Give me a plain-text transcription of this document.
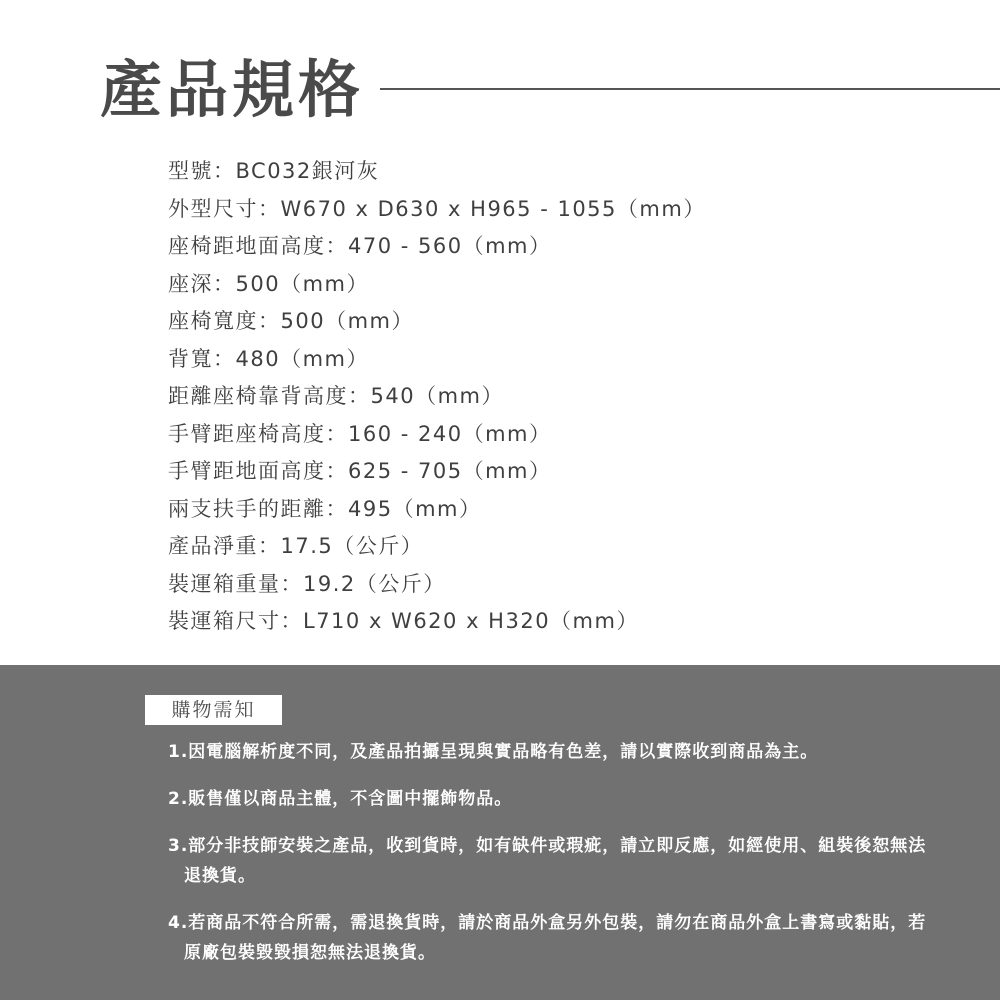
產品規格
型號：BC032銀河灰
外型尺寸：W670 x D630 x H965 - 1055（mm）
座椅距地面高度：470 - 560（mm）
座深：500（mm）
座椅寬度：500（mm）
背寬：480（mm）
距離座椅靠背高度：540（mm）
手臂距座椅高度：160 - 240（mm）
手臂距地面高度：625 - 705（mm）
兩支扶手的距離：495（mm）
產品淨重：17.5（公斤）
裝運箱重量：19.2（公斤）
裝運箱尺寸：L710 x W620 x H320（mm）
購物需知
1.因電腦解析度不同，及產品拍攝呈現與實品略有色差，請以實際收到商品為主。
2.販售僅以商品主體，不含圖中擺飾物品。
3.部分非技師安裝之產品，收到貨時，如有缺件或瑕疵，請立即反應，如經使用、組裝後恕無法退換貨。
4.若商品不符合所需，需退換貨時，請於商品外盒另外包裝，請勿在商品外盒上書寫或黏貼，若原廠包裝毀毀損恕無法退換貨。
